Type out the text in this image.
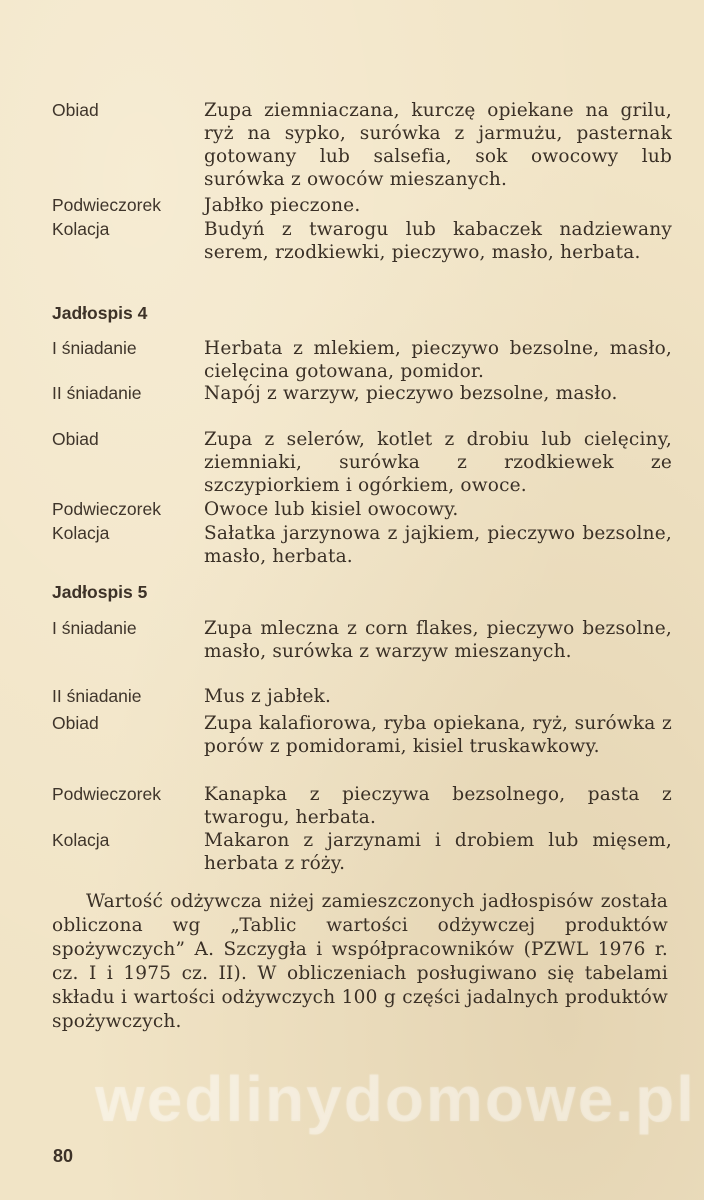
Obiad	Zupa ziemniaczana, kurczę opiekane na grilu, ryż na sypko, surówka z jarmużu, pasternak gotowany lub salsefia, sok owocowy lub surówka z owoców mieszanych.
Podwieczorek	Jabłko pieczone.
Kolacja	Budyń z twarogu lub kabaczek nadziewany serem, rzodkiewki, pieczywo, masło, herbata.
Jadłospis 4
I śniadanie	Herbata z mlekiem, pieczywo bezsolne, masło, cielęcina gotowana, pomidor.
II śniadanie	Napój z warzyw, pieczywo bezsolne, masło.
Obiad	Zupa z selerów, kotlet z drobiu lub cielęciny, ziemniaki, surówka z rzodkiewek ze szczypiorkiem i ogórkiem, owoce.
Podwieczorek	Owoce lub kisiel owocowy.
Kolacja	Sałatka jarzynowa z jajkiem, pieczywo bezsolne, masło, herbata.
Jadłospis 5
I śniadanie	Zupa mleczna z corn flakes, pieczywo bezsolne, masło, surówka z warzyw mieszanych.
II śniadanie	Mus z jabłek.
Obiad	Zupa kalafiorowa, ryba opiekana, ryż, surówka z porów z pomidorami, kisiel truskawkowy.
Podwieczorek	Kanapka z pieczywa bezsolnego, pasta z twarogu, herbata.
Kolacja	Makaron z jarzynami i drobiem lub mięsem, herbata z róży.
Wartość odżywcza niżej zamieszczonych jadłospisów została obliczona wg „Tablic wartości odżywczej produktów spożywczych” A. Szczygła i współpracowników (PZWL 1976 r. cz. I i 1975 cz. II). W obliczeniach posługiwano się tabelami składu i wartości odżywczych 100 g części jadalnych produktów spożywczych.
wedlinydomowe.pl
80
